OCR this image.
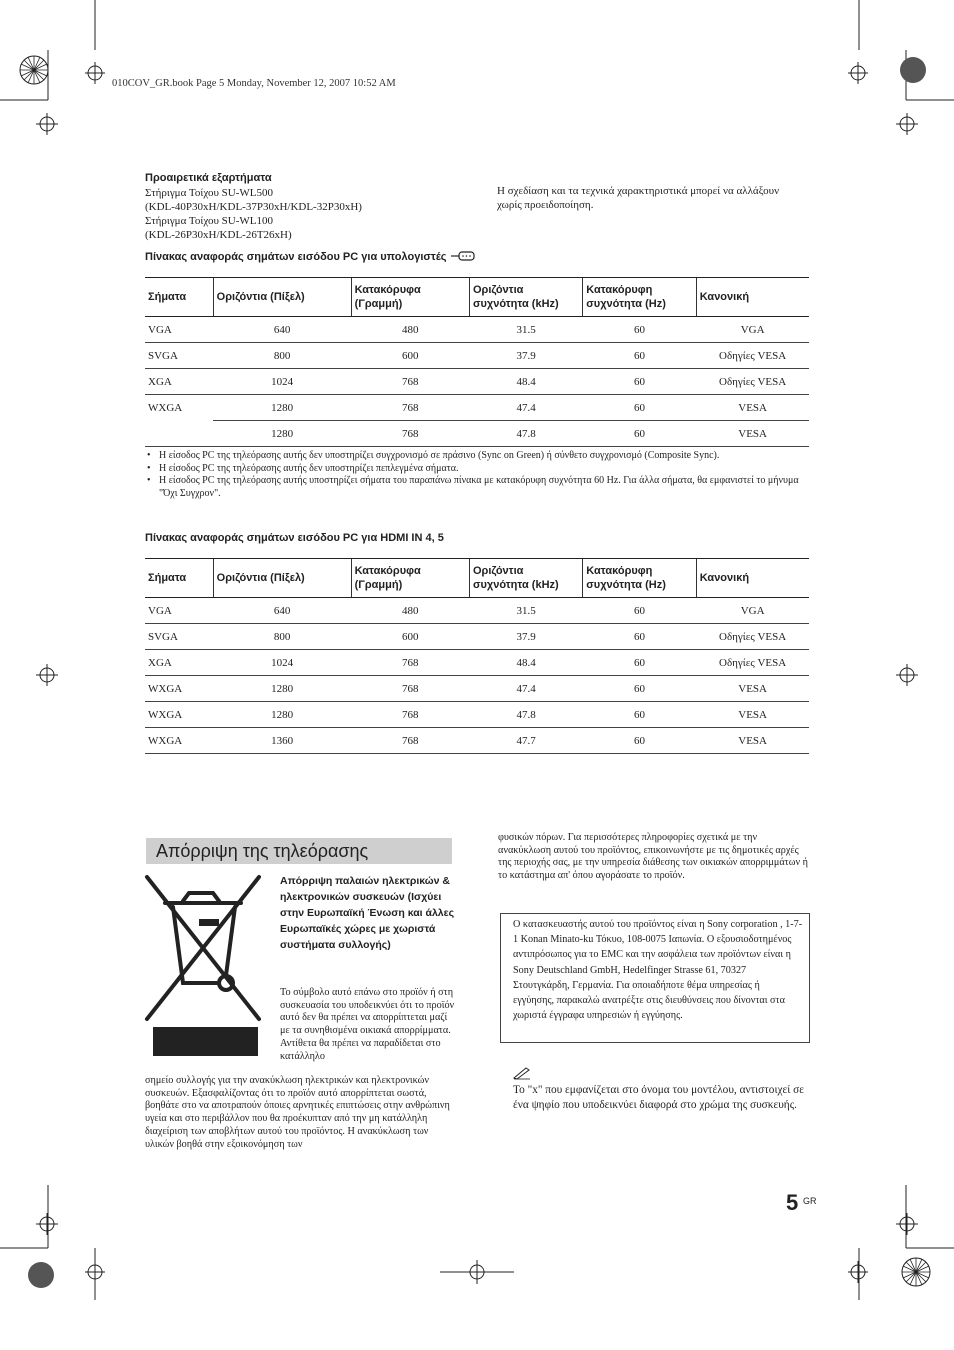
010COV_GR.book Page 5 Monday, November 12, 2007 10:52 AM
Προαιρετικά εξαρτήματα
Στήριγμα Τοίχου SU-WL500
(KDL-40P30xH/KDL-37P30xH/KDL-32P30xH)
Στήριγμα Τοίχου SU-WL100
(KDL-26P30xH/KDL-26T26xH)
Η σχεδίαση και τα τεχνικά χαρακτηριστικά μπορεί να αλλάξουν χωρίς προειδοποίηση.
Πίνακας αναφοράς σημάτων εισόδου PC για υπολογιστές
Σήματα	Οριζόντια (Πίξελ)	Κατακόρυφα (Γραμμή)	Οριζόντια συχνότητα (kHz)	Κατακόρυφη συχνότητα (Hz)	Κανονική
VGA	640	480	31.5	60	VGA
SVGA	800	600	37.9	60	Οδηγίες VESA
XGA	1024	768	48.4	60	Οδηγίες VESA
WXGA	1280	768	47.4	60	VESA
	1280	768	47.8	60	VESA
• Η είσοδος PC της τηλεόρασης αυτής δεν υποστηρίζει συγχρονισμό σε πράσινο (Sync on Green) ή σύνθετο συγχρονισμό (Composite Sync).
• Η είσοδος PC της τηλεόρασης αυτής δεν υποστηρίζει πεπλεγμένα σήματα.
• Η είσοδος PC της τηλεόρασης αυτής υποστηρίζει σήματα του παραπάνω πίνακα με κατακόρυφη συχνότητα 60 Hz. Για άλλα σήματα, θα εμφανιστεί το μήνυμα "Όχι Συγχρον".
Πίνακας αναφοράς σημάτων εισόδου PC για HDMI IN 4, 5
Σήματα	Οριζόντια (Πίξελ)	Κατακόρυφα (Γραμμή)	Οριζόντια συχνότητα (kHz)	Κατακόρυφη συχνότητα (Hz)	Κανονική
VGA	640	480	31.5	60	VGA
SVGA	800	600	37.9	60	Οδηγίες VESA
XGA	1024	768	48.4	60	Οδηγίες VESA
WXGA	1280	768	47.4	60	VESA
WXGA	1280	768	47.8	60	VESA
WXGA	1360	768	47.7	60	VESA
Απόρριψη της τηλεόρασης
Απόρριψη παλαιών ηλεκτρικών & ηλεκτρονικών συσκευών (Ισχύει στην Ευρωπαϊκή Ένωση και άλλες Ευρωπαϊκές χώρες με χωριστά συστήματα συλλογής)
Το σύμβολο αυτό επάνω στο προϊόν ή στη συσκευασία του υποδεικνύει ότι το προϊόν αυτό δεν θα πρέπει να απορρίπτεται μαζί με τα συνηθισμένα οικιακά απορρίμματα. Αντίθετα θα πρέπει να παραδίδεται στο κατάλληλο
σημείο συλλογής για την ανακύκλωση ηλεκτρικών και ηλεκτρονικών συσκευών. Εξασφαλίζοντας ότι το προϊόν αυτό απορρίπτεται σωστά, βοηθάτε στο να αποτραπούν όποιες αρνητικές επιπτώσεις στην ανθρώπινη υγεία και στο περιβάλλον που θα προέκυπταν από την μη κατάλληλη διαχείριση των αποβλήτων αυτού του προϊόντος. Η ανακύκλωση των υλικών βοηθά στην εξοικονόμηση των
φυσικών πόρων. Για περισσότερες πληροφορίες σχετικά με την ανακύκλωση αυτού του προϊόντος, επικοινωνήστε με τις δημοτικές αρχές της περιοχής σας, με την υπηρεσία διάθεσης των οικιακών απορριμμάτων ή το κατάστημα απ' όπου αγοράσατε το προϊόν.
Ο κατασκευαστής αυτού του προϊόντος είναι η Sony corporation , 1-7-1 Konan Minato-ku Τόκυο, 108-0075 Ιαπωνία. Ο εξουσιοδοτημένος αντιπρόσωπος για το EMC και την ασφάλεια των προϊόντων είναι η Sony Deutschland GmbH, Hedelfinger Strasse 61, 70327 Στουτγκάρδη, Γερμανία. Για οποιαδήποτε θέμα υπηρεσίας ή εγγύησης, παρακαλώ ανατρέξτε στις διευθύνσεις που δίνονται στα χωριστά έγγραφα υπηρεσιών ή εγγύησης.
Το "x" που εμφανίζεται στο όνομα του μοντέλου, αντιστοιχεί σε ένα ψηφίο που υποδεικνύει διαφορά στο χρώμα της συσκευής.
5 GR
